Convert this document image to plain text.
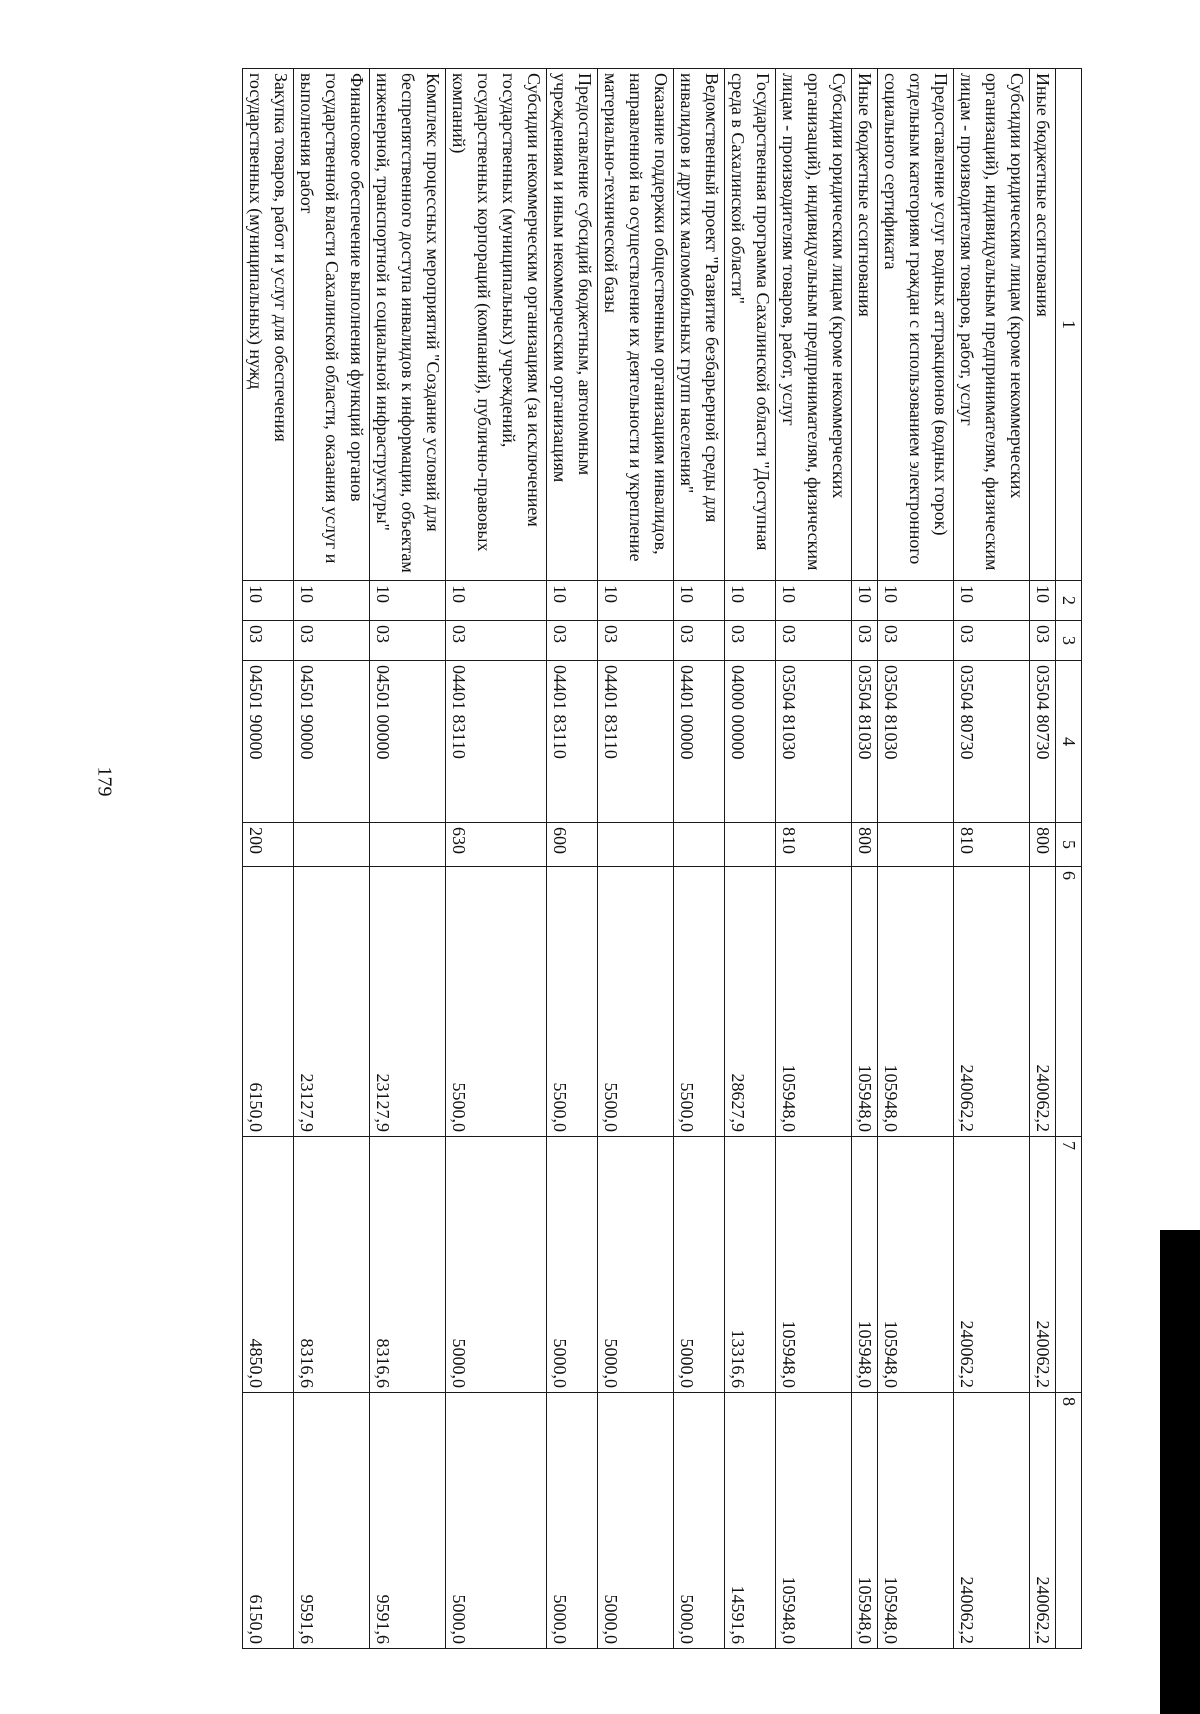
179
1	2	3	4	5	6	7	8
Иные бюджетные ассигнования	10	03	03504 80730	800	240062,2	240062,2	240062,2
Субсидии юридическим лицам (кроме некоммерческих организаций), индивидуальным предпринимателям, физическим лицам - производителям товаров, работ, услуг	10	03	03504 80730	810	240062,2	240062,2	240062,2
Предоставление услуг водных аттракционов (водных горок) отдельным категориям граждан с использованием электронного социального сертификата	10	03	03504 81030		105948,0	105948,0	105948,0
Иные бюджетные ассигнования	10	03	03504 81030	800	105948,0	105948,0	105948,0
Субсидии юридическим лицам (кроме некоммерческих организаций), индивидуальным предпринимателям, физическим лицам - производителям товаров, работ, услуг	10	03	03504 81030	810	105948,0	105948,0	105948,0
Государственная программа Сахалинской области "Доступная среда в Сахалинской области"	10	03	04000 00000		28627,9	13316,6	14591,6
Ведомственный проект "Развитие безбарьерной среды для инвалидов и других маломобильных групп населения"	10	03	04401 00000		5500,0	5000,0	5000,0
Оказание поддержки общественным организациям инвалидов, направленной на осуществление их деятельности и укрепление материально-технической базы	10	03	04401 83110		5500,0	5000,0	5000,0
Предоставление субсидий бюджетным, автономным учреждениям и иным некоммерческим организациям	10	03	04401 83110	600	5500,0	5000,0	5000,0
Субсидии некоммерческим организациям (за исключением государственных (муниципальных) учреждений, государственных корпораций (компаний), публично-правовых компаний)	10	03	04401 83110	630	5500,0	5000,0	5000,0
Комплекс процессных мероприятий "Создание условий для беспрепятственного доступа инвалидов к информации, объектам инженерной, транспортной и социальной инфраструктуры"	10	03	04501 00000		23127,9	8316,6	9591,6
Финансовое обеспечение выполнения функций органов государственной власти Сахалинской области, оказания услуг и выполнения работ	10	03	04501 90000		23127,9	8316,6	9591,6
Закупка товаров, работ и услуг для обеспечения государственных (муниципальных) нужд	10	03	04501 90000	200	6150,0	4850,0	6150,0
